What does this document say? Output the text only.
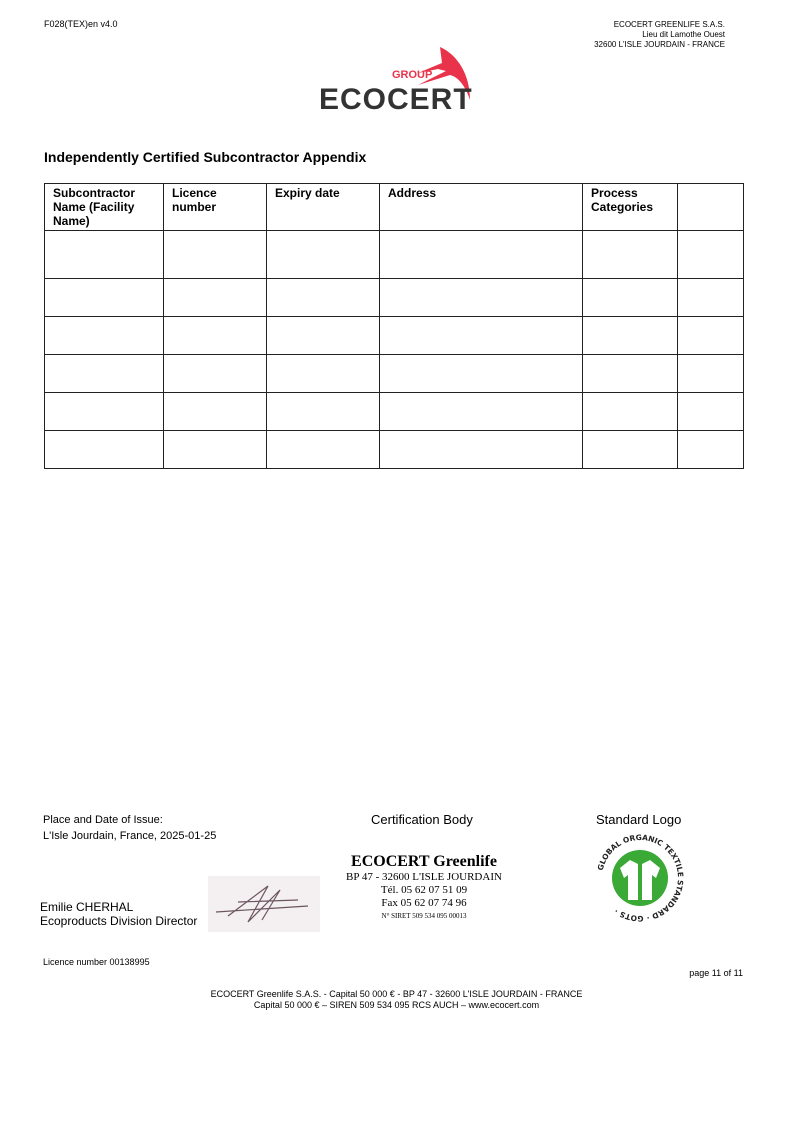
F028(TEX)en v4.0	ECOCERT GREENLIFE S.A.S.
Lieu dit Lamothe Ouest
32600 L'ISLE JOURDAIN - FRANCE
GROUP
ECOCERT
Independently Certified Subcontractor Appendix
Subcontractor Name (Facility Name)	Licence number	Expiry date	Address	Process Categories	

Place and Date of Issue:
L'Isle Jourdain, France, 2025-01-25
Emilie CHERHAL
Ecoproducts Division Director
Certification Body
ECOCERT Greenlife
BP 47 - 32600 L'ISLE JOURDAIN
Tél. 05 62 07 51 09
Fax 05 62 07 74 96
N° SIRET 509 534 095 00013
Standard Logo
GLOBAL ORGANIC TEXTILE STANDARD · GOTS ·
Licence number 00138995
page 11 of 11
ECOCERT Greenlife S.A.S. - Capital 50 000 € - BP 47 - 32600 L'ISLE JOURDAIN - FRANCE
Capital 50 000 € – SIREN 509 534 095 RCS AUCH – www.ecocert.com
